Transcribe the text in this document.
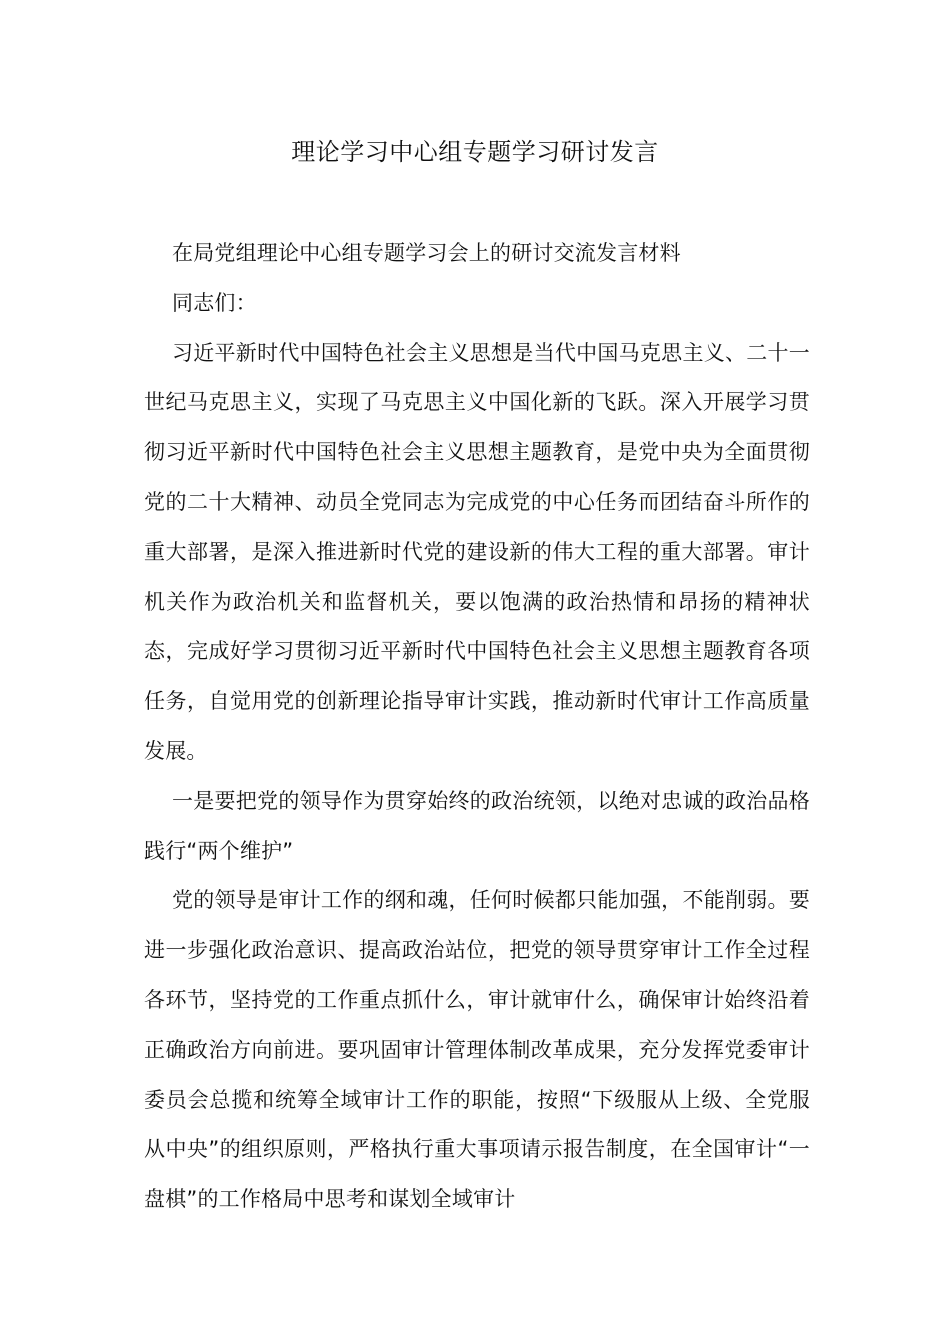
理论学习中心组专题学习研讨发言

在局党组理论中心组专题学习会上的研讨交流发言材料

同志们：

习近平新时代中国特色社会主义思想是当代中国马克思主义、二十一世纪马克思主义，实现了马克思主义中国化新的飞跃。深入开展学习贯彻习近平新时代中国特色社会主义思想主题教育，是党中央为全面贯彻党的二十大精神、动员全党同志为完成党的中心任务而团结奋斗所作的重大部署，是深入推进新时代党的建设新的伟大工程的重大部署。审计机关作为政治机关和监督机关，要以饱满的政治热情和昂扬的精神状态，完成好学习贯彻习近平新时代中国特色社会主义思想主题教育各项任务，自觉用党的创新理论指导审计实践，推动新时代审计工作高质量发展。

一是要把党的领导作为贯穿始终的政治统领，以绝对忠诚的政治品格践行“两个维护”

党的领导是审计工作的纲和魂，任何时候都只能加强，不能削弱。要进一步强化政治意识、提高政治站位，把党的领导贯穿审计工作全过程各环节，坚持党的工作重点抓什么，审计就审什么，确保审计始终沿着正确政治方向前进。要巩固审计管理体制改革成果，充分发挥党委审计委员会总揽和统筹全域审计工作的职能，按照“下级服从上级、全党服从中央”的组织原则，严格执行重大事项请示报告制度，在全国审计“一盘棋”的工作格局中思考和谋划全域审计
